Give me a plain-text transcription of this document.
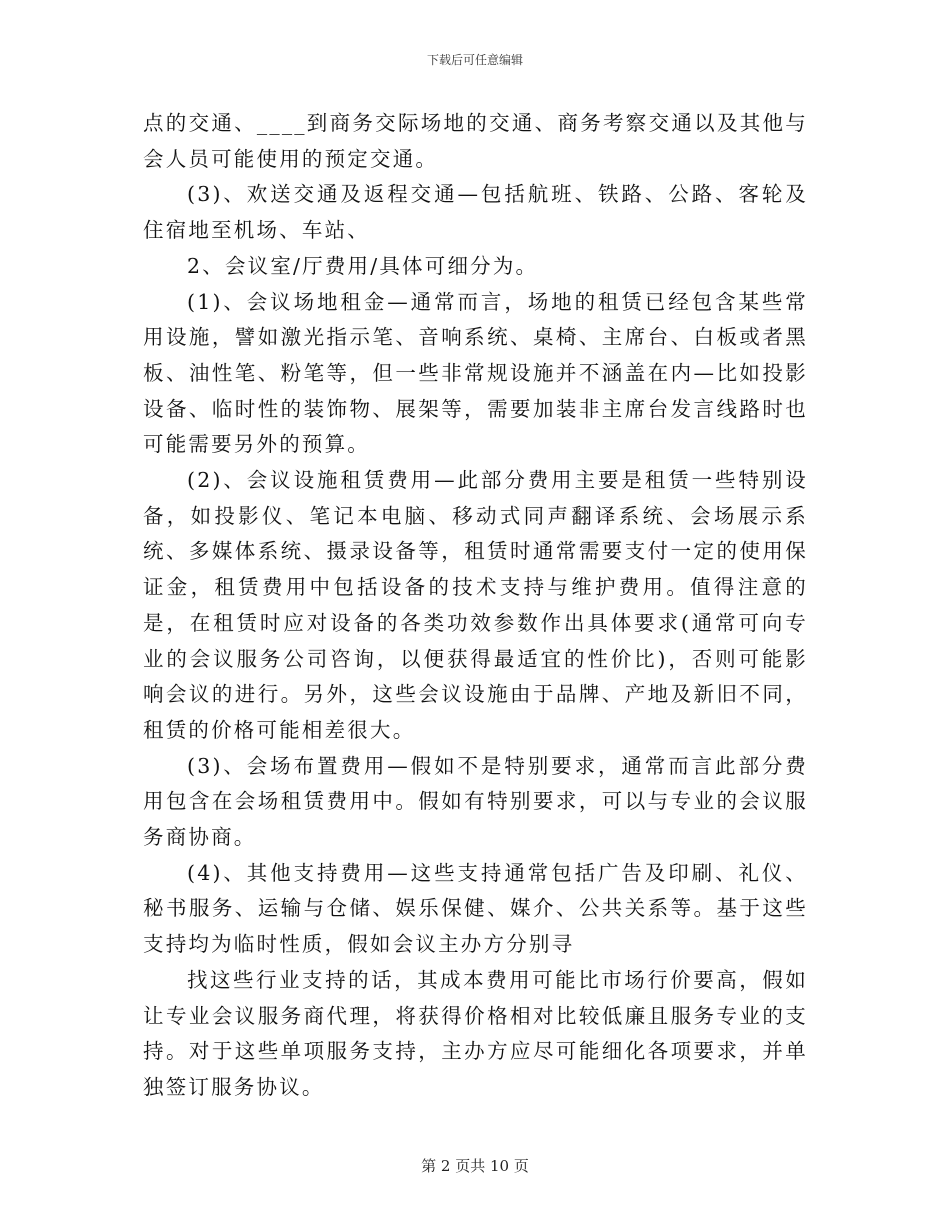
下载后可任意编辑

点的交通、____到商务交际场地的交通、商务考察交通以及其他与会人员可能使用的预定交通。

(3)、欢送交通及返程交通—包括航班、铁路、公路、客轮及住宿地至机场、车站、

2、会议室/厅费用/具体可细分为。

(1)、会议场地租金—通常而言，场地的租赁已经包含某些常用设施，譬如激光指示笔、音响系统、桌椅、主席台、白板或者黑板、油性笔、粉笔等，但一些非常规设施并不涵盖在内—比如投影设备、临时性的装饰物、展架等，需要加装非主席台发言线路时也可能需要另外的预算。

(2)、会议设施租赁费用—此部分费用主要是租赁一些特别设备，如投影仪、笔记本电脑、移动式同声翻译系统、会场展示系统、多媒体系统、摄录设备等，租赁时通常需要支付一定的使用保证金，租赁费用中包括设备的技术支持与维护费用。值得注意的是，在租赁时应对设备的各类功效参数作出具体要求(通常可向专业的会议服务公司咨询，以便获得最适宜的性价比)，否则可能影响会议的进行。另外，这些会议设施由于品牌、产地及新旧不同，租赁的价格可能相差很大。

(3)、会场布置费用—假如不是特别要求，通常而言此部分费用包含在会场租赁费用中。假如有特别要求，可以与专业的会议服务商协商。

(4)、其他支持费用—这些支持通常包括广告及印刷、礼仪、秘书服务、运输与仓储、娱乐保健、媒介、公共关系等。基于这些支持均为临时性质，假如会议主办方分别寻

找这些行业支持的话，其成本费用可能比市场行价要高，假如让专业会议服务商代理，将获得价格相对比较低廉且服务专业的支持。对于这些单项服务支持，主办方应尽可能细化各项要求，并单独签订服务协议。

第 2 页共 10 页
